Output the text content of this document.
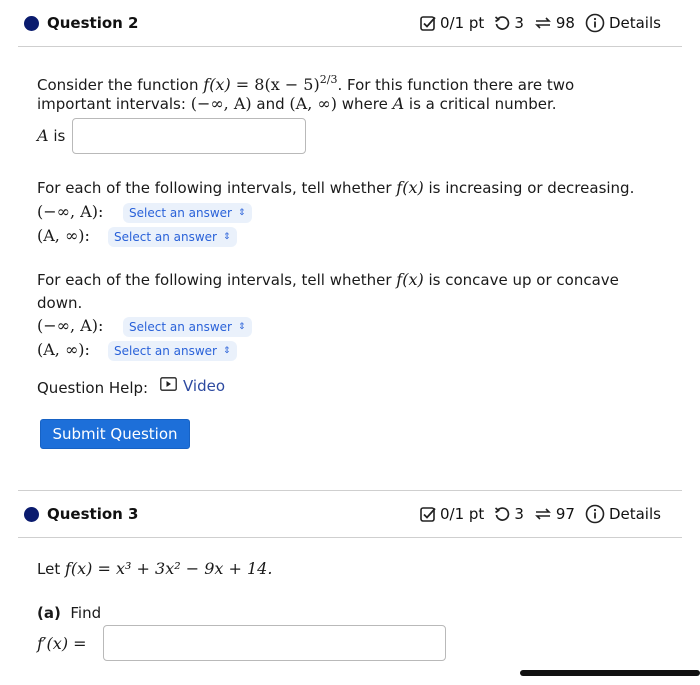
Question 2	0/1 pt 3 98 Details
Consider the function $f(x) = 8(x - 5)^{2/3}$. For this function there are two
important intervals: (−∞, A) and (A, ∞) where A is a critical number.
A is
For each of the following intervals, tell whether f(x) is increasing or decreasing.
(−∞, A): Select an answer ⇕
(A, ∞): Select an answer ⇕
For each of the following intervals, tell whether f(x) is concave up or concave
down.
(−∞, A): Select an answer ⇕
(A, ∞): Select an answer ⇕
Question Help: Video
Submit Question
Question 3	0/1 pt 3 97 Details
Let f(x) = x³ + 3x² − 9x + 14.
(a) Find
f′(x) =
